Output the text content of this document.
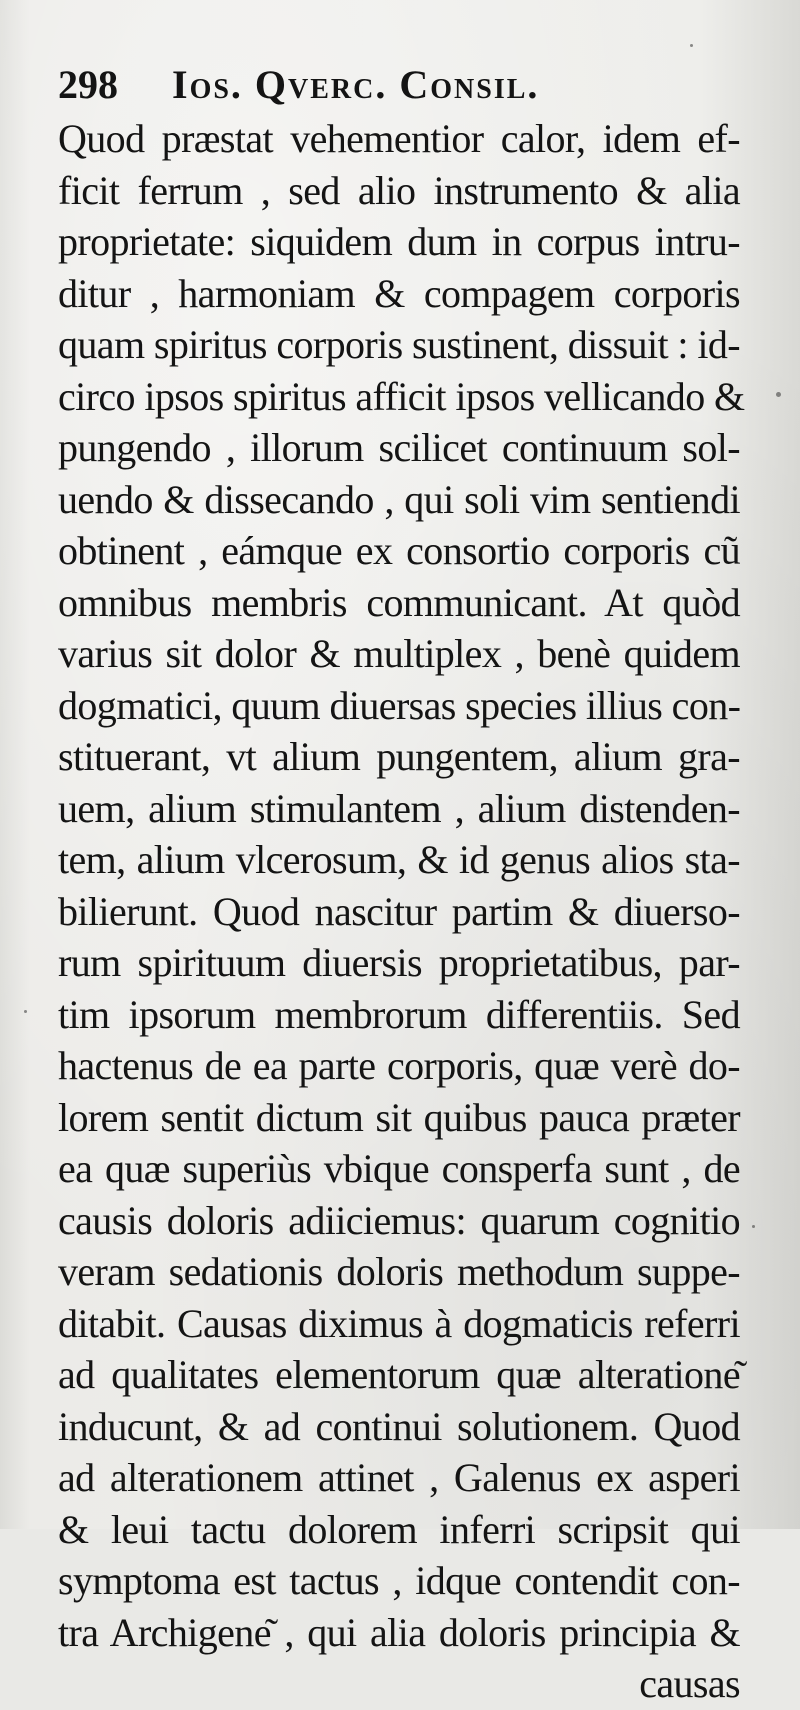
298 Ios. Qverc. Consil.
Quod præstat vehementior calor, idem ef-
ficit ferrum , sed alio instrumento & alia
proprietate: siquidem dum in corpus intru-
ditur , harmoniam & compagem corporis
quam spiritus corporis sustinent, dissuit : id-
circo ipsos spiritus afficit ipsos vellicando &
pungendo , illorum scilicet continuum sol-
uendo & dissecando , qui soli vim sentiendi
obtinent , eámque ex consortio corporis cũ
omnibus membris communicant. At quòd
varius sit dolor & multiplex , benè quidem
dogmatici, quum diuersas species illius con-
stituerant, vt alium pungentem, alium gra-
uem, alium stimulantem , alium distenden-
tem, alium vlcerosum, & id genus alios sta-
bilierunt. Quod nascitur partim & diuerso-
rum spirituum diuersis proprietatibus, par-
tim ipsorum membrorum differentiis. Sed
hactenus de ea parte corporis, quæ verè do-
lorem sentit dictum sit quibus pauca præter
ea quæ superiùs vbique consperfa sunt , de
causis doloris adiiciemus: quarum cognitio
veram sedationis doloris methodum suppe-
ditabit. Causas diximus à dogmaticis referri
ad qualitates elementorum quæ alteratione͂
inducunt, & ad continui solutionem. Quod
ad alterationem attinet , Galenus ex asperi
& leui tactu dolorem inferri scripsit qui
symptoma est tactus , idque contendit con-
tra Archigene͂ , qui alia doloris principia &
causas
